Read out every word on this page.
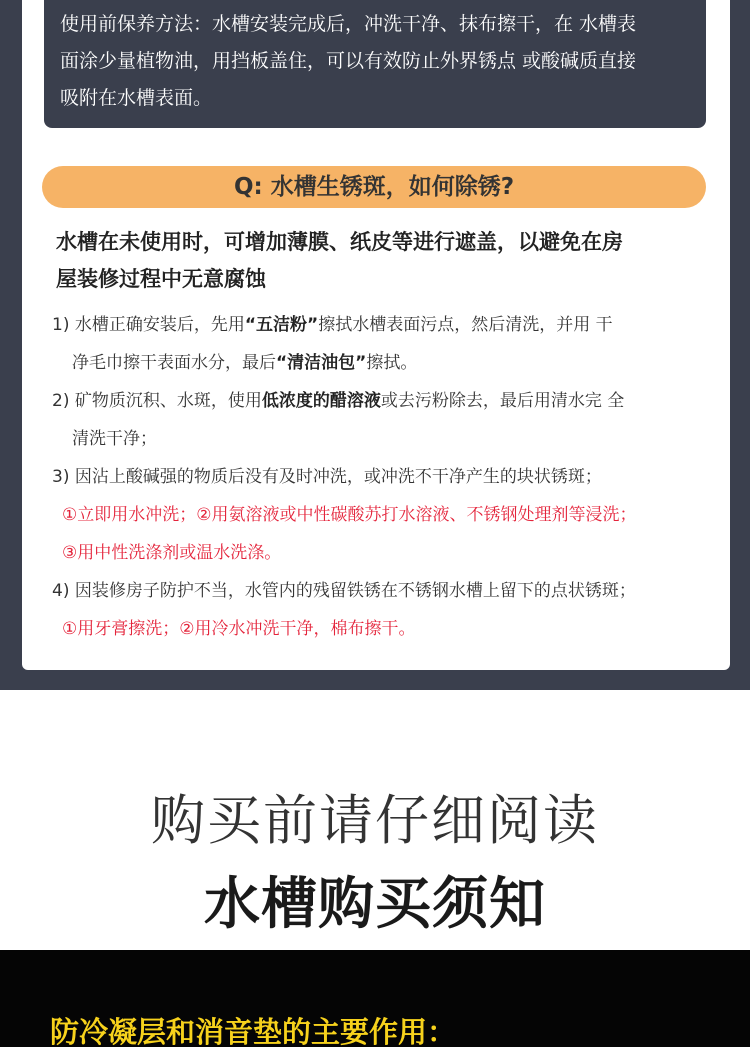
使用前保养方法：水槽安装完成后，冲洗干净、抹布擦干，在 水槽表
面涂少量植物油，用挡板盖住，可以有效防止外界锈点 或酸碱质直接
吸附在水槽表面。
Q: 水槽生锈斑，如何除锈?
水槽在未使用时，可增加薄膜、纸皮等进行遮盖，以避免在房
屋装修过程中无意腐蚀
1) 水槽正确安装后，先用“五洁粉”擦拭水槽表面污点，然后清洗，并用 干
净毛巾擦干表面水分，最后“清洁油包”擦拭。
2) 矿物质沉积、水斑，使用低浓度的醋溶液或去污粉除去，最后用清水完 全
清洗干净；
3) 因沾上酸碱强的物质后没有及时冲洗，或冲洗不干净产生的块状锈斑；
①立即用水冲洗；②用氨溶液或中性碳酸苏打水溶液、不锈钢处理剂等浸洗；
③用中性洗涤剂或温水洗涤。
4) 因装修房子防护不当，水管内的残留铁锈在不锈钢水槽上留下的点状锈斑；
①用牙膏擦洗；②用冷水冲洗干净，棉布擦干。
购买前请仔细阅读
水槽购买须知
防冷凝层和消音垫的主要作用：
